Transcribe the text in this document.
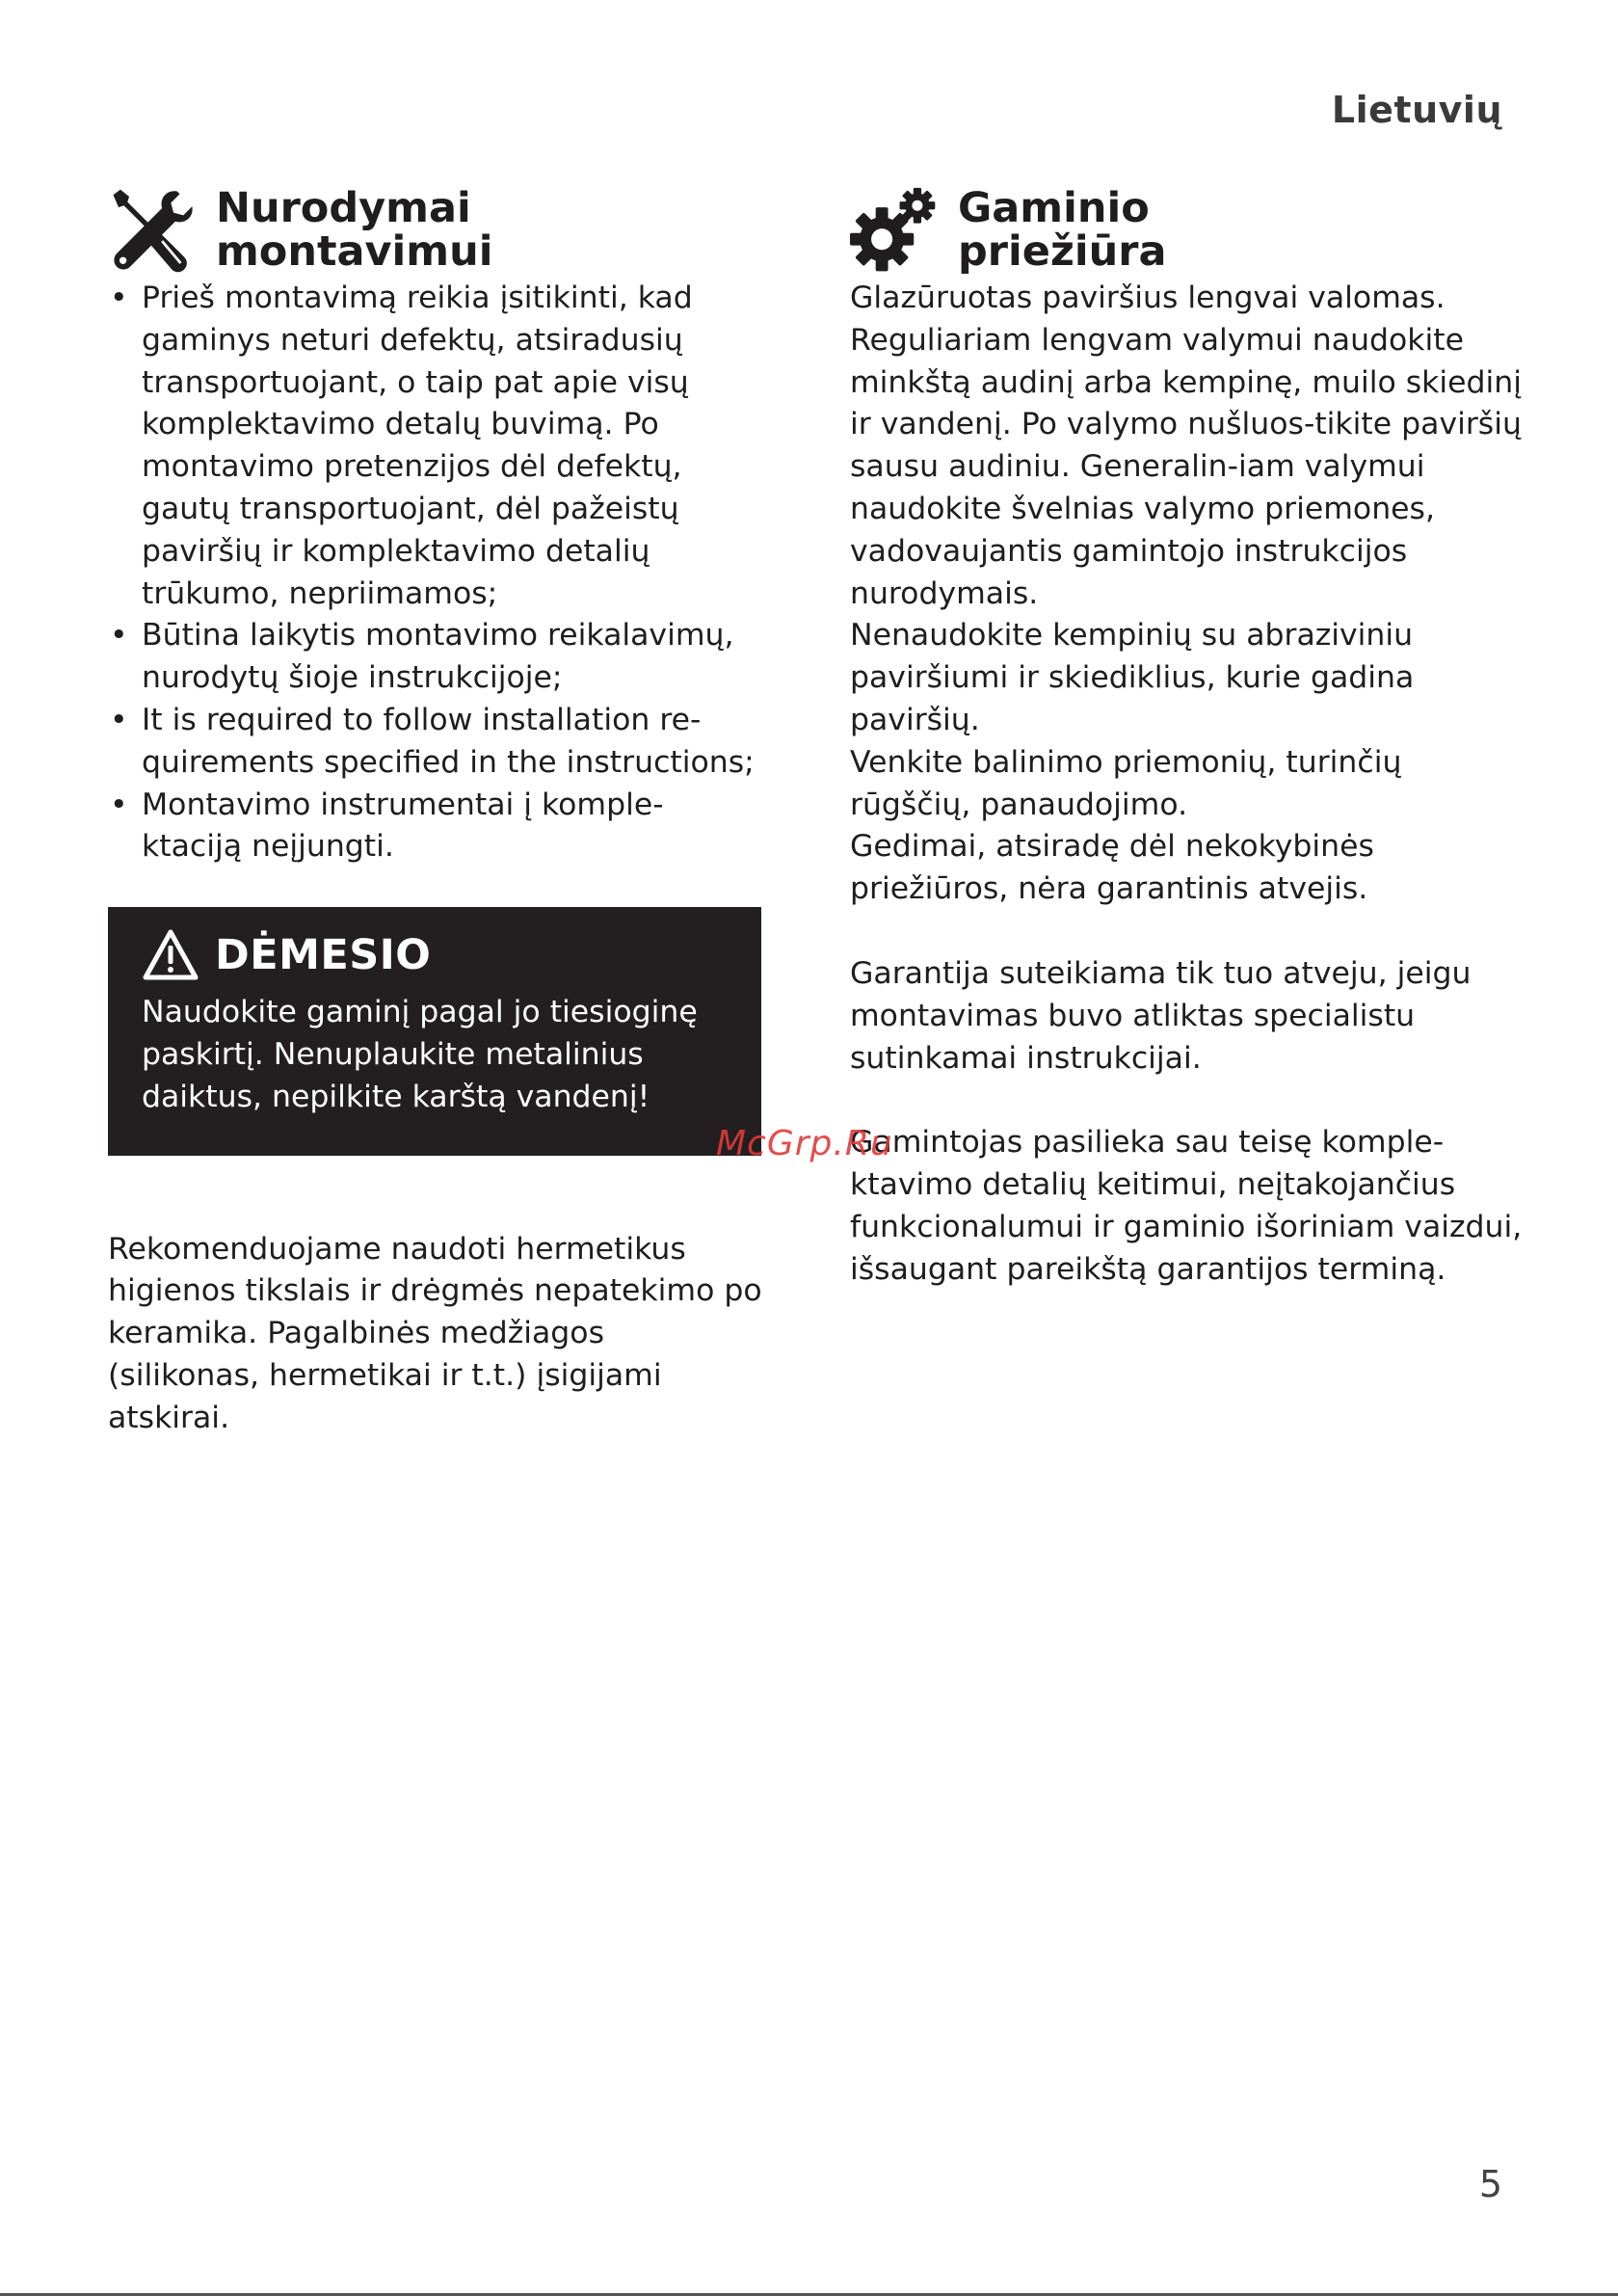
Lietuvių
Nurodymai
montavimui
• Prieš montavimą reikia įsitikinti, kad gaminys neturi defektų, atsiradusių transportuojant, o taip pat apie visų komplektavimo detalų buvimą. Po montavimo pretenzijos dėl defektų, gautų transportuojant, dėl pažeistų paviršių ir komplektavimo detalių trūkumo, nepriimamos;
• Būtina laikytis montavimo reikalavimų, nurodytų šioje instrukcijoje;
• It is required to follow installation re-quirements specified in the instructions;
• Montavimo instrumentai į komple-ktaciją neįjungti.
DĖMESIO
Naudokite gaminį pagal jo tiesioginę paskirtį. Nenuplaukite metalinius daiktus, nepilkite karštą vandenį!

Rekomenduojame naudoti hermetikus higienos tikslais ir drėgmės nepatekimo po keramika. Pagalbinės medžiagos (silikonas, hermetikai ir t.t.) įsigijami atskirai.

Gaminio
priežiūra

Glazūruotas paviršius lengvai valomas. Reguliariam lengvam valymui naudokite minkštą audinį arba kempinę, muilo skiedinį ir vandenį. Po valymo nušluos-tikite paviršių sausu audiniu. Generalin-iam valymui naudokite švelnias valymo priemones, vadovaujantis gamintojo instrukcijos nurodymais.

Nenaudokite kempinių su abraziviniu paviršiumi ir skiediklius, kurie gadina paviršių.

Venkite balinimo priemonių, turinčių rūgščių, panaudojimo.

Gedimai, atsiradę dėl nekokybinės priežiūros, nėra garantinis atvejis.

Garantija suteikiama tik tuo atveju, jeigu montavimas buvo atliktas specialistu sutinkamai instrukcijai.

Gamintojas pasilieka sau teisę komple-ktavimo detalių keitimui, neįtakojančius funkcionalumui ir gaminio išoriniam vaizdui, išsaugant pareikštą garantijos terminą.

McGrp.Ru
5
